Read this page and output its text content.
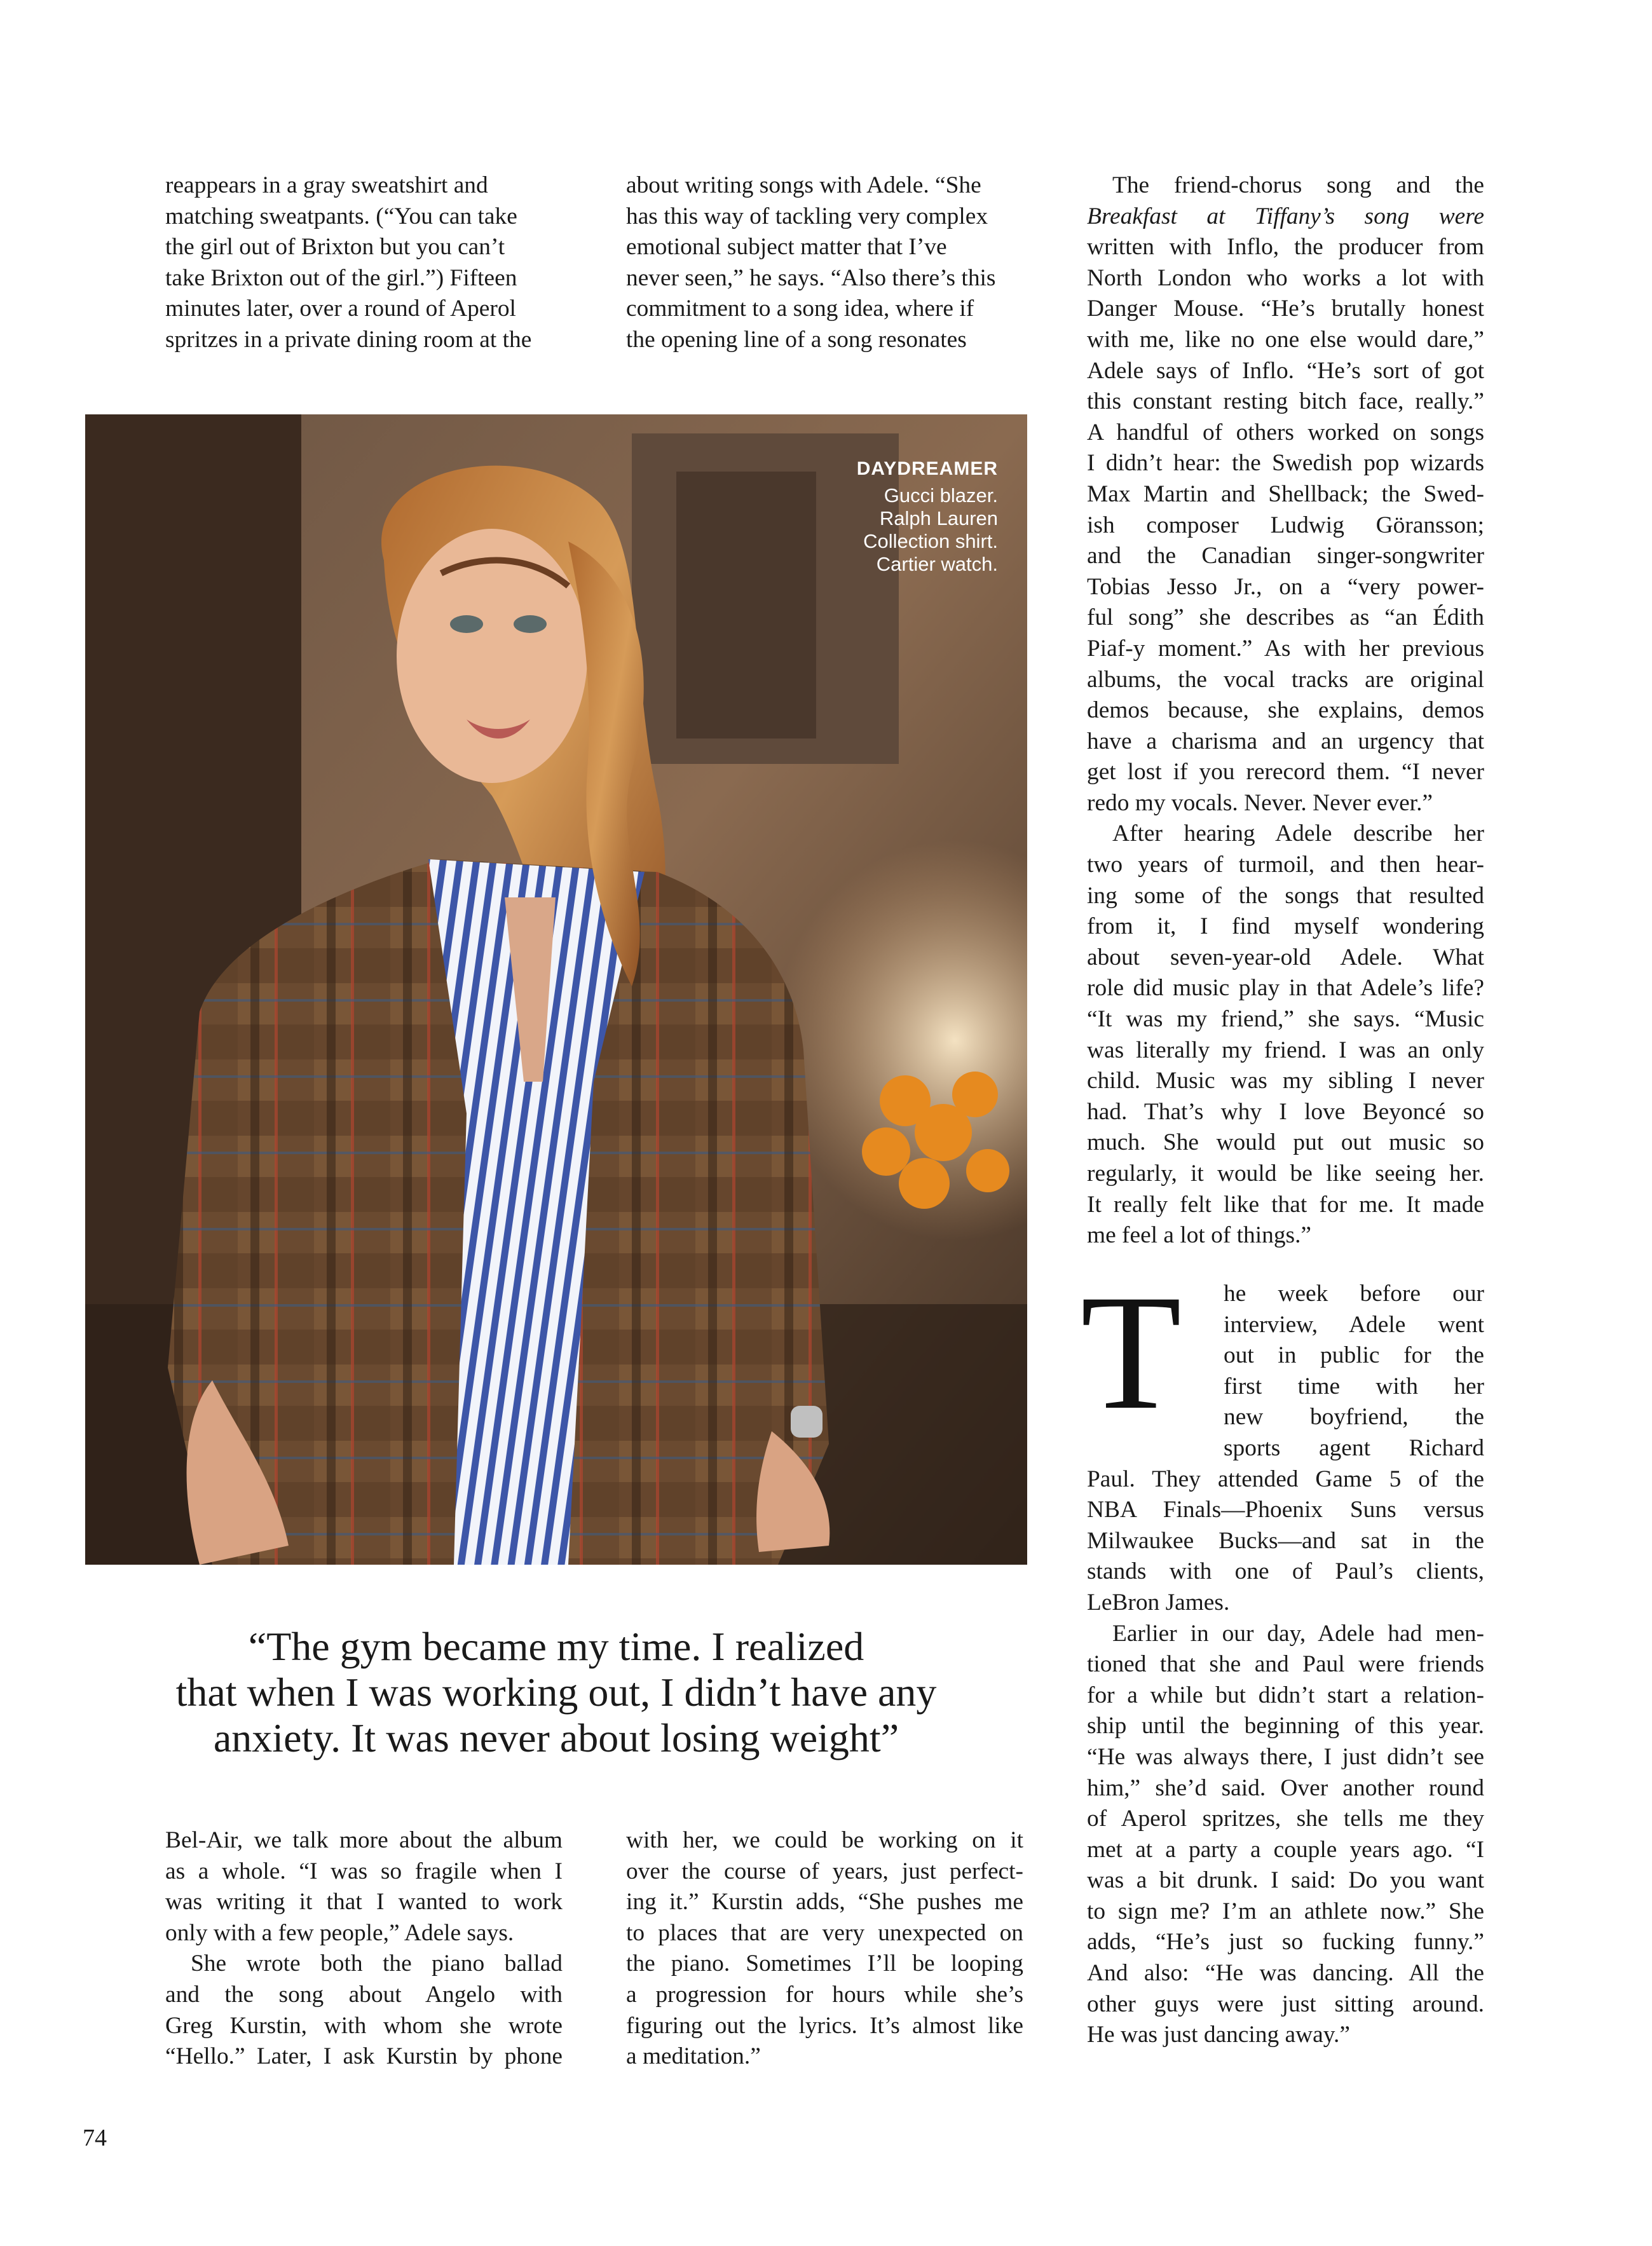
reappears in a gray sweatshirt and
matching sweatpants. (“You can take
the girl out of Brixton but you can’t
take Brixton out of the girl.”) Fifteen
minutes later, over a round of Aperol
spritzes in a private dining room at the

about writing songs with Adele. “She
has this way of tackling very complex
emotional subject matter that I’ve
never seen,” he says. “Also there’s this
commitment to a song idea, where if
the opening line of a song resonates

The friend-chorus song and the
Breakfast at Tiffany’s song were
written with Inflo, the producer from
North London who works a lot with
Danger Mouse. “He’s brutally honest
with me, like no one else would dare,”
Adele says of Inflo. “He’s sort of got
this constant resting bitch face, really.”
A handful of others worked on songs
I didn’t hear: the Swedish pop wizards
Max Martin and Shellback; the Swed-
ish composer Ludwig Göransson;
and the Canadian singer-songwriter
Tobias Jesso Jr., on a “very power-
ful song” she describes as “an Édith
Piaf-y moment.” As with her previous
albums, the vocal tracks are original
demos because, she explains, demos
have a charisma and an urgency that
get lost if you rerecord them. “I never
redo my vocals. Never. Never ever.”

After hearing Adele describe her
two years of turmoil, and then hear-
ing some of the songs that resulted
from it, I find myself wondering
about seven-year-old Adele. What
role did music play in that Adele’s life?
“It was my friend,” she says. “Music
was literally my friend. I was an only
child. Music was my sibling I never
had. That’s why I love Beyoncé so
much. She would put out music so
regularly, it would be like seeing her.
It really felt like that for me. It made
me feel a lot of things.”

T he week before our
interview, Adele went
out in public for the
first time with her
new boyfriend, the
sports agent Richard
Paul. They attended Game 5 of the
NBA Finals—Phoenix Suns versus
Milwaukee Bucks—and sat in the
stands with one of Paul’s clients,
LeBron James.

Earlier in our day, Adele had men-
tioned that she and Paul were friends
for a while but didn’t start a relation-
ship until the beginning of this year.
“He was always there, I just didn’t see
him,” she’d said. Over another round
of Aperol spritzes, she tells me they
met at a party a couple years ago. “I
was a bit drunk. I said: Do you want
to sign me? I’m an athlete now.” She
adds, “He’s just so fucking funny.”
And also: “He was dancing. All the
other guys were just sitting around.
He was just dancing away.”

DAYDREAMER
Gucci blazer.
Ralph Lauren
Collection shirt.
Cartier watch.
“The gym became my time. I realized
that when I was working out, I didn’t have any
anxiety. It was never about losing weight”

Bel-Air, we talk more about the album
as a whole. “I was so fragile when I
was writing it that I wanted to work
only with a few people,” Adele says.

She wrote both the piano ballad
and the song about Angelo with
Greg Kurstin, with whom she wrote
“Hello.” Later, I ask Kurstin by phone

with her, we could be working on it
over the course of years, just perfect-
ing it.” Kurstin adds, “She pushes me
to places that are very unexpected on
the piano. Sometimes I’ll be looping
a progression for hours while she’s
figuring out the lyrics. It’s almost like
a meditation.”

74
